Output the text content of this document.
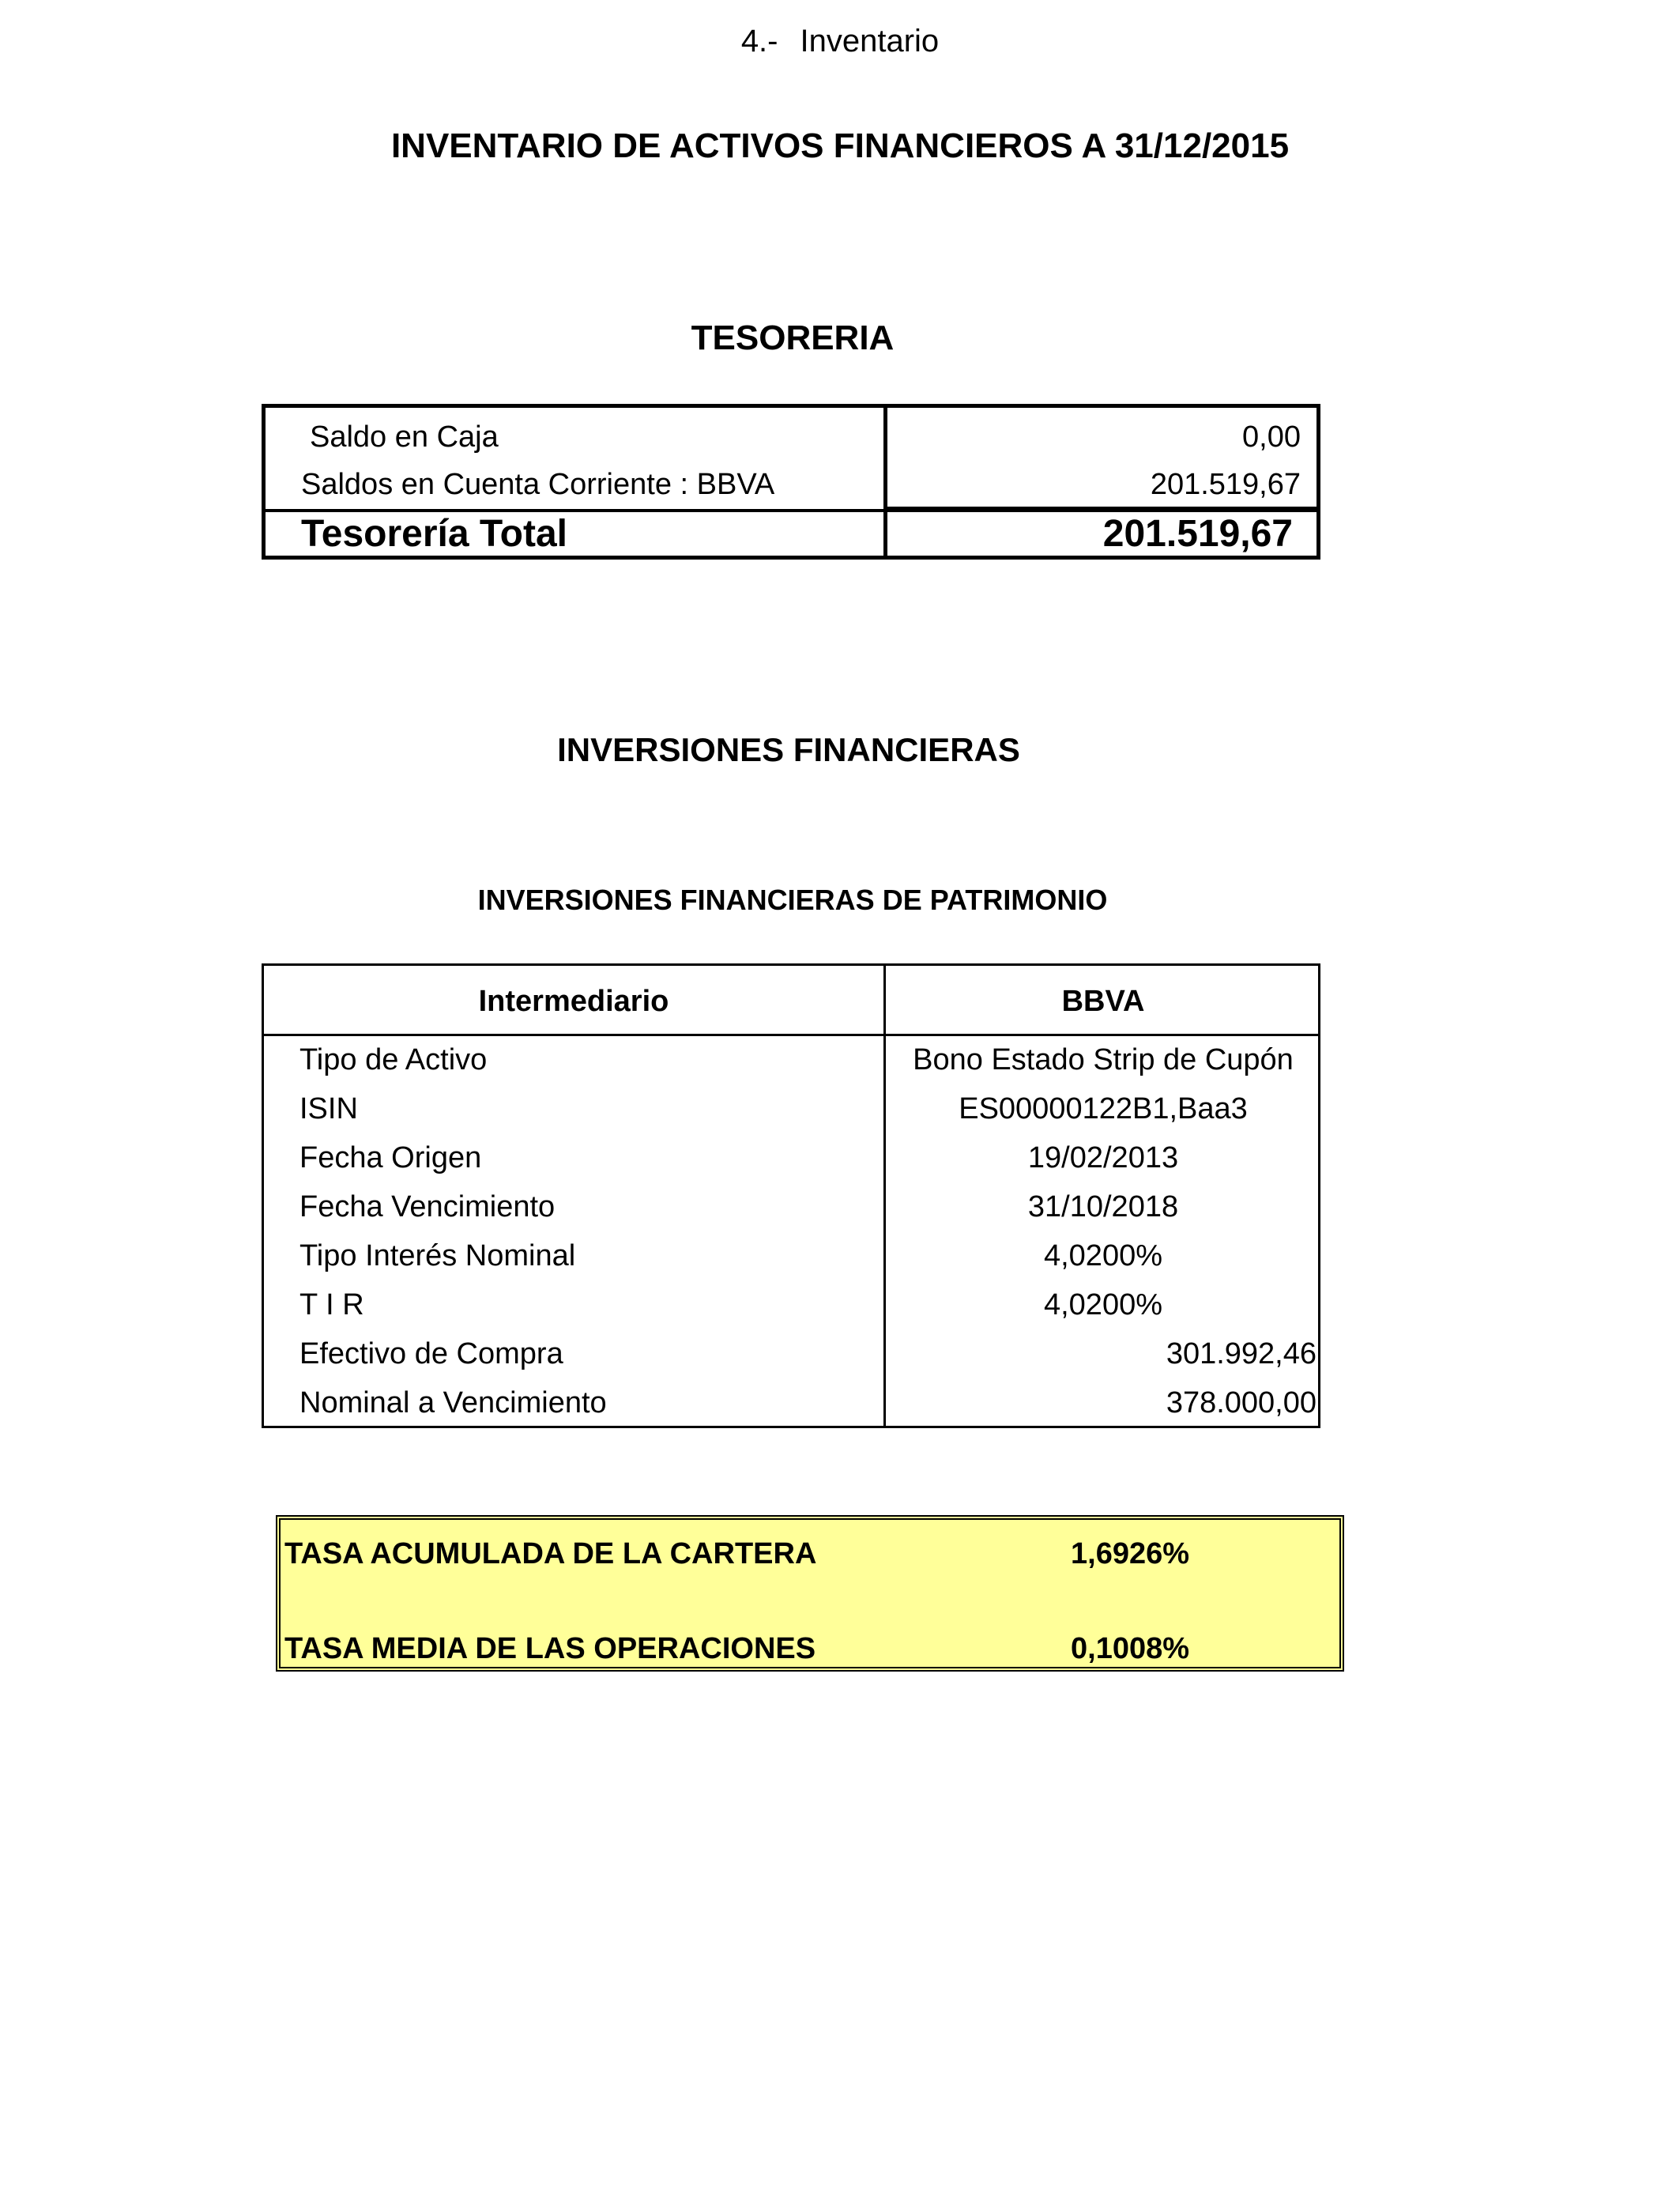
4.- Inventario
INVENTARIO DE ACTIVOS FINANCIEROS A 31/12/2015
TESORERIA
Saldo en Caja	0,00
Saldos en Cuenta Corriente : BBVA	201.519,67
Tesorería Total	201.519,67
INVERSIONES FINANCIERAS
INVERSIONES FINANCIERAS DE PATRIMONIO
Intermediario	BBVA
Tipo de Activo	Bono Estado Strip de Cupón
ISIN	ES00000122B1,Baa3
Fecha Origen	19/02/2013
Fecha Vencimiento	31/10/2018
Tipo Interés Nominal	4,0200%
T I R	4,0200%
Efectivo de Compra	301.992,46
Nominal a Vencimiento	378.000,00
TASA ACUMULADA DE LA CARTERA	1,6926%
TASA MEDIA DE LAS OPERACIONES	0,1008%
